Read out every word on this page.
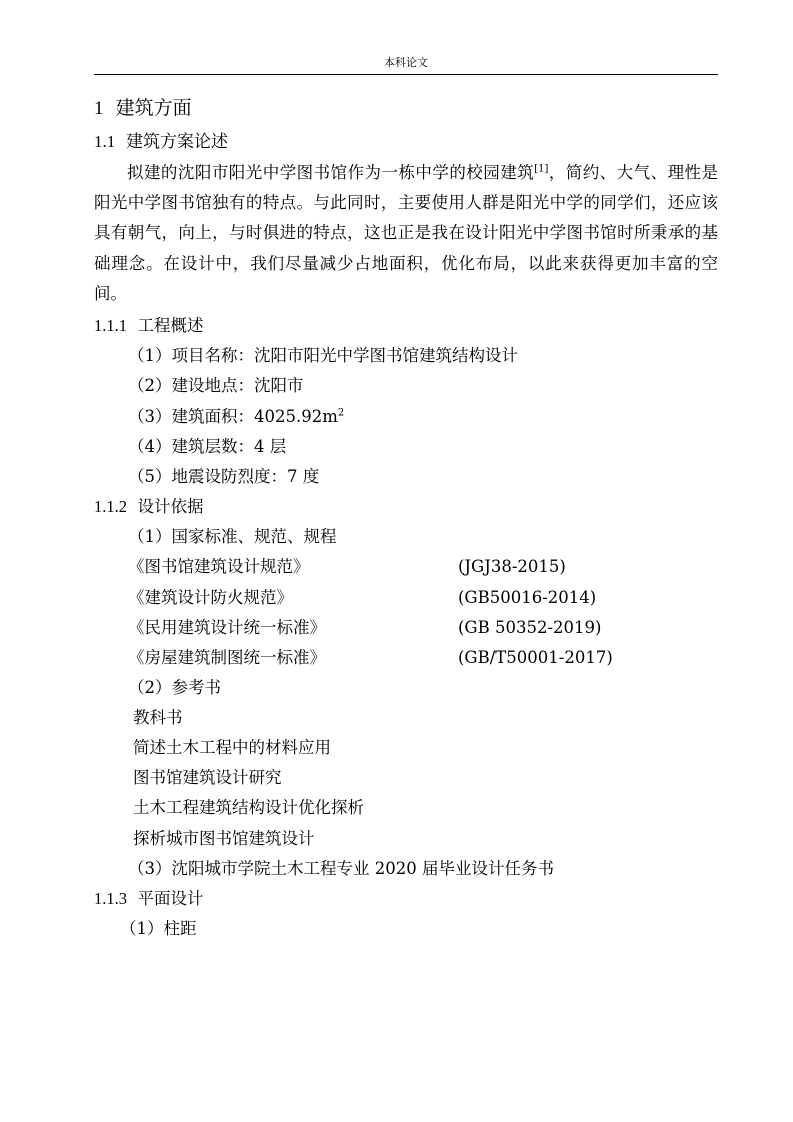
本科论文
1 建筑方面
1.1 建筑方案论述
拟建的沈阳市阳光中学图书馆作为一栋中学的校园建筑[1]，简约、大气、理性是阳光中学图书馆独有的特点。与此同时，主要使用人群是阳光中学的同学们，还应该具有朝气，向上，与时俱进的特点，这也正是我在设计阳光中学图书馆时所秉承的基础理念。在设计中，我们尽量减少占地面积，优化布局，以此来获得更加丰富的空间。
1.1.1 工程概述
（1）项目名称：沈阳市阳光中学图书馆建筑结构设计
（2）建设地点：沈阳市
（3）建筑面积：$4025.92m^2$
（4）建筑层数：4 层
（5）地震设防烈度：7 度
1.1.2 设计依据
（1）国家标准、规范、规程
《图书馆建筑设计规范》	(JGJ38-2015)
《建筑设计防火规范》	(GB50016-2014)
《民用建筑设计统一标准》	(GB 50352-2019)
《房屋建筑制图统一标准》	(GB/T50001-2017)
（2）参考书
教科书
简述土木工程中的材料应用
图书馆建筑设计研究
土木工程建筑结构设计优化探析
探析城市图书馆建筑设计
（3）沈阳城市学院土木工程专业 2020 届毕业设计任务书
1.1.3 平面设计
（1）柱距
